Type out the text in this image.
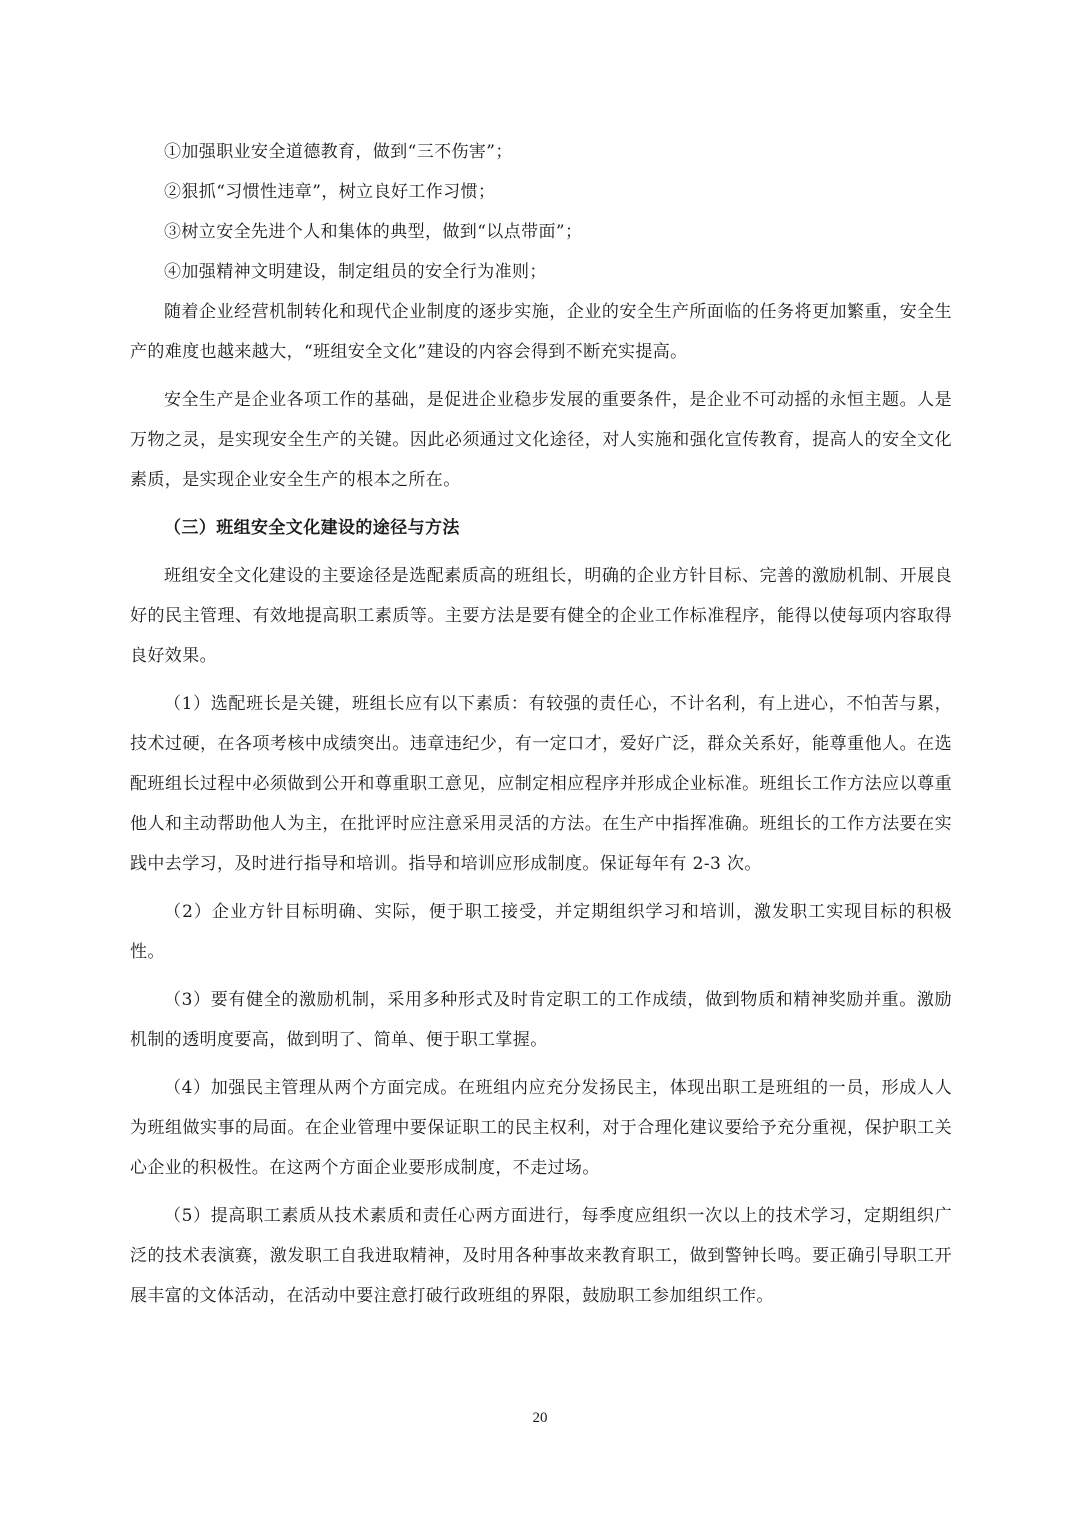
①加强职业安全道德教育，做到“三不伤害”；

②狠抓“习惯性违章”，树立良好工作习惯；

③树立安全先进个人和集体的典型，做到“以点带面”；

④加强精神文明建设，制定组员的安全行为准则；

随着企业经营机制转化和现代企业制度的逐步实施，企业的安全生产所面临的任务将更加繁重，安全生产的难度也越来越大，“班组安全文化”建设的内容会得到不断充实提高。

安全生产是企业各项工作的基础，是促进企业稳步发展的重要条件，是企业不可动摇的永恒主题。人是万物之灵，是实现安全生产的关键。因此必须通过文化途径，对人实施和强化宣传教育，提高人的安全文化素质，是实现企业安全生产的根本之所在。

（三）班组安全文化建设的途径与方法

班组安全文化建设的主要途径是选配素质高的班组长，明确的企业方针目标、完善的激励机制、开展良好的民主管理、有效地提高职工素质等。主要方法是要有健全的企业工作标准程序，能得以使每项内容取得良好效果。

（1）选配班长是关键，班组长应有以下素质：有较强的责任心，不计名利，有上进心，不怕苦与累，技术过硬，在各项考核中成绩突出。违章违纪少，有一定口才，爱好广泛，群众关系好，能尊重他人。在选配班组长过程中必须做到公开和尊重职工意见，应制定相应程序并形成企业标准。班组长工作方法应以尊重他人和主动帮助他人为主，在批评时应注意采用灵活的方法。在生产中指挥准确。班组长的工作方法要在实践中去学习，及时进行指导和培训。指导和培训应形成制度。保证每年有 2-3 次。

（2）企业方针目标明确、实际，便于职工接受，并定期组织学习和培训，激发职工实现目标的积极性。

（3）要有健全的激励机制，采用多种形式及时肯定职工的工作成绩，做到物质和精神奖励并重。激励机制的透明度要高，做到明了、简单、便于职工掌握。

（4）加强民主管理从两个方面完成。在班组内应充分发扬民主，体现出职工是班组的一员，形成人人为班组做实事的局面。在企业管理中要保证职工的民主权利，对于合理化建议要给予充分重视，保护职工关心企业的积极性。在这两个方面企业要形成制度，不走过场。

（5）提高职工素质从技术素质和责任心两方面进行，每季度应组织一次以上的技术学习，定期组织广泛的技术表演赛，激发职工自我进取精神，及时用各种事故来教育职工，做到警钟长鸣。要正确引导职工开展丰富的文体活动，在活动中要注意打破行政班组的界限，鼓励职工参加组织工作。

20
